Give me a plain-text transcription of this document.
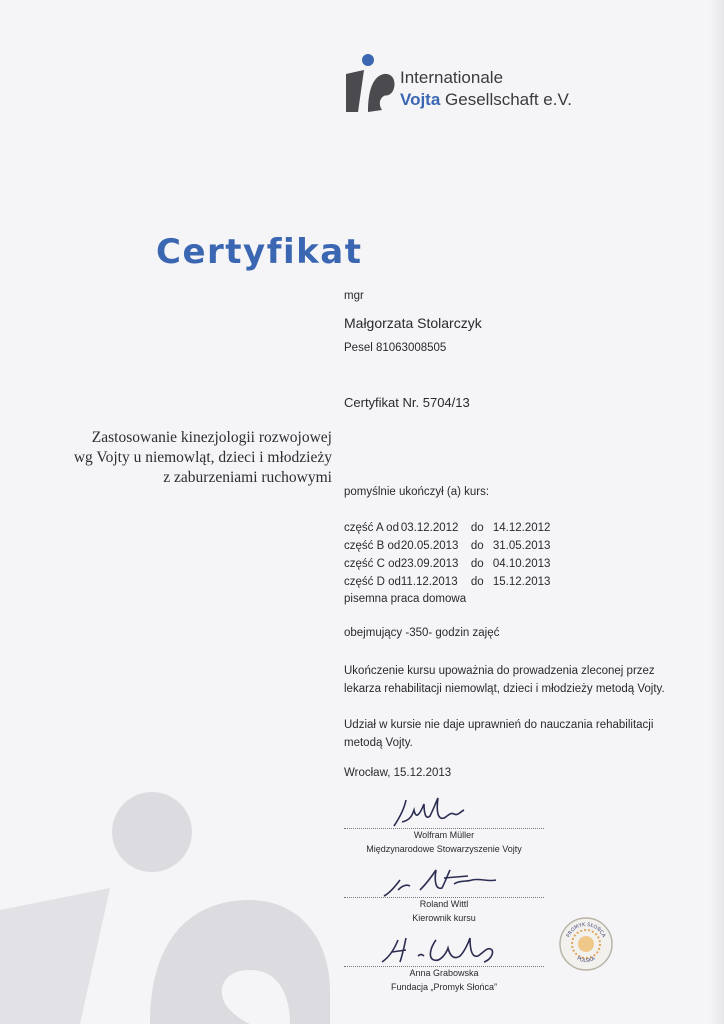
Internationale
Vojta Gesellschaft e.V.
Certyfikat
mgr
Małgorzata Stolarczyk
Pesel 81063008505
Certyfikat Nr. 5704/13
Zastosowanie kinezjologii rozwojowej
wg Vojty u niemowląt, dzieci i młodzieży
z zaburzeniami ruchowymi
pomyślnie ukończył (a) kurs:
część A od	03.12.2012	do	14.12.2012
część B od	20.05.2013	do	31.05.2013
część C od	23.09.2013	do	04.10.2013
część D od	11.12.2013	do	15.12.2013
pisemna praca domowa
obejmujący -350- godzin zajęć
Ukończenie kursu upoważnia do prowadzenia zleconej przez lekarza rehabilitacji niemowląt, dzieci i młodzieży metodą Vojty.
Udział w kursie nie daje uprawnień do nauczania rehabilitacji metodą Vojty.
Wrocław, 15.12.2013
Wolfram Müller
Międzynarodowe Stowarzyszenie Vojty
Roland Wittl
Kierownik kursu
Anna Grabowska
Fundacja „Promyk Słońca”
PROMYK SŁOŃCA
POLSKA
